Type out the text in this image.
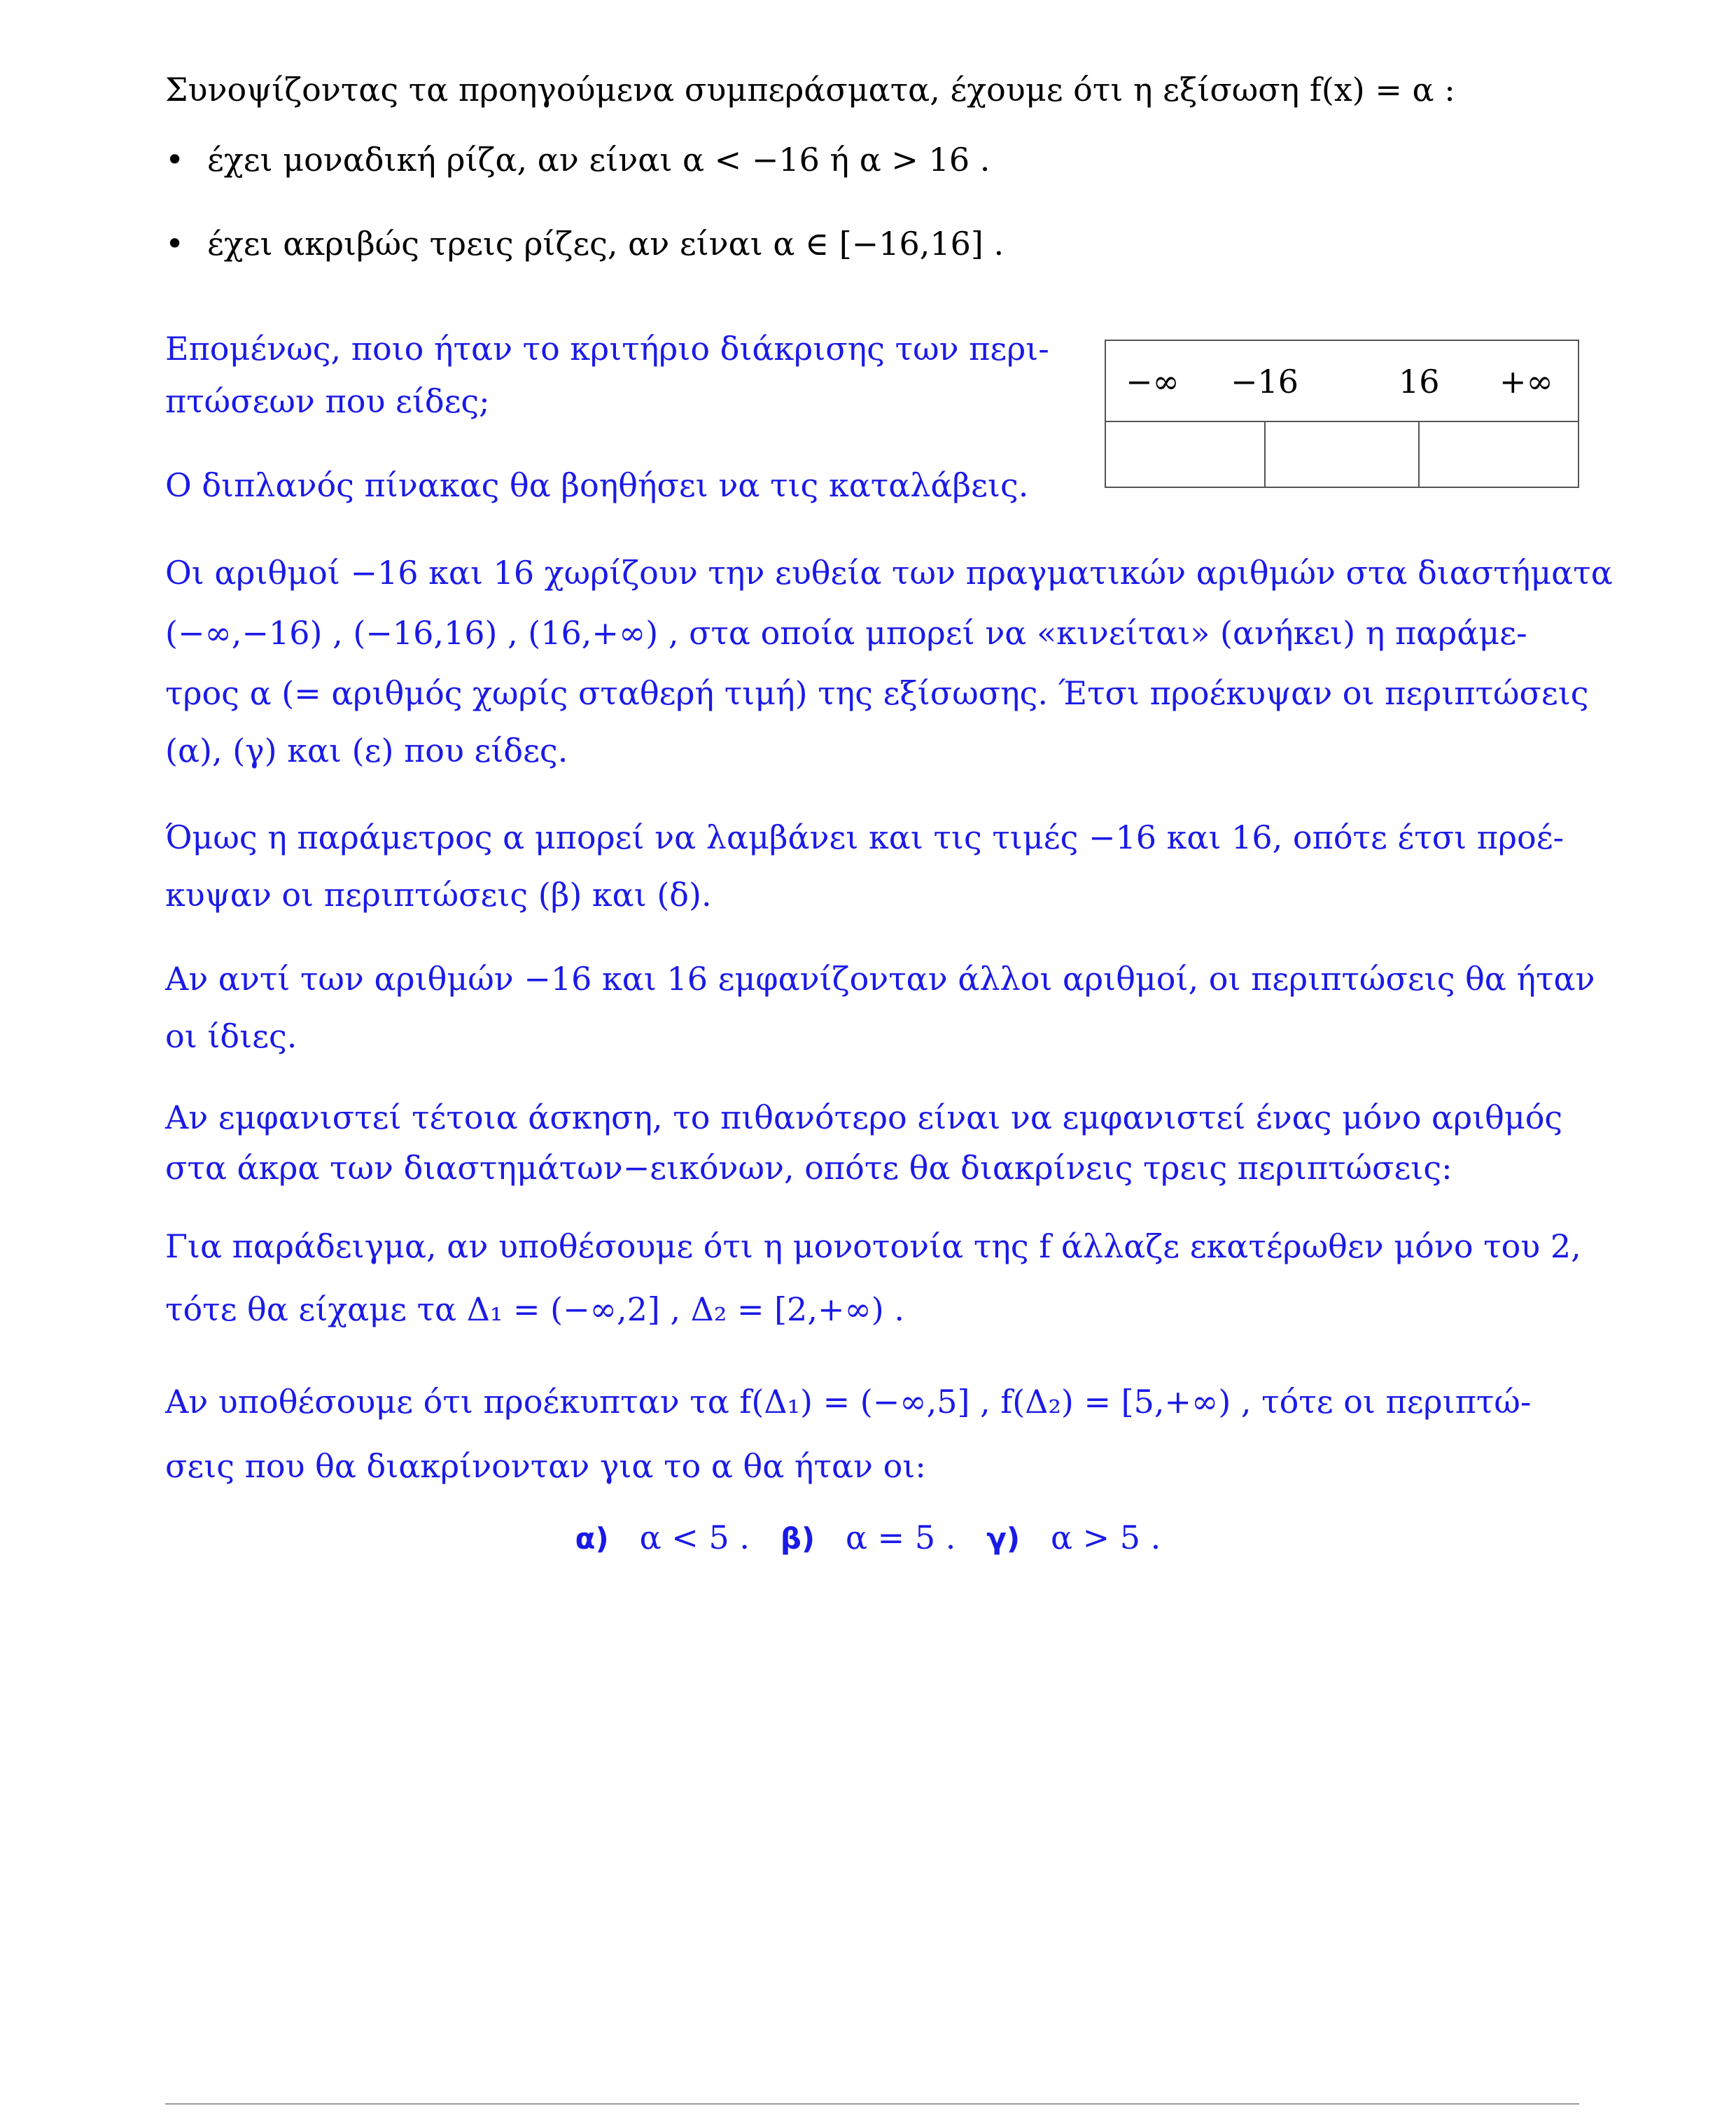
Συνοψίζοντας τα προηγούμενα συμπεράσματα, έχουμε ότι η εξίσωση f(x) = α :
• έχει μοναδική ρίζα, αν είναι α < −16 ή α > 16 .
• έχει ακριβώς τρεις ρίζες, αν είναι α ∈ [−16,16] .
Επομένως, ποιο ήταν το κριτήριο διάκρισης των περι-
πτώσεων που είδες;
Ο διπλανός πίνακας θα βοηθήσει να τις καταλάβεις.
−∞ −16	16 +∞
Οι αριθμοί −16 και 16 χωρίζουν την ευθεία των πραγματικών αριθμών στα διαστήματα
(−∞,−16) , (−16,16) , (16,+∞) , στα οποία μπορεί να «κινείται» (ανήκει) η παράμε-
τρος α (= αριθμός χωρίς σταθερή τιμή) της εξίσωσης. Έτσι προέκυψαν οι περιπτώσεις
(α), (γ) και (ε) που είδες.
Όμως η παράμετρος α μπορεί να λαμβάνει και τις τιμές −16 και 16, οπότε έτσι προέ-
κυψαν οι περιπτώσεις (β) και (δ).
Αν αντί των αριθμών −16 και 16 εμφανίζονταν άλλοι αριθμοί, οι περιπτώσεις θα ήταν
οι ίδιες.
Αν εμφανιστεί τέτοια άσκηση, το πιθανότερο είναι να εμφανιστεί ένας μόνο αριθμός
στα άκρα των διαστημάτων−εικόνων, οπότε θα διακρίνεις τρεις περιπτώσεις:
Για παράδειγμα, αν υποθέσουμε ότι η μονοτονία της f άλλαζε εκατέρωθεν μόνο του 2,
τότε θα είχαμε τα Δ₁ = (−∞,2] , Δ₂ = [2,+∞) .
Αν υποθέσουμε ότι προέκυπταν τα f(Δ₁) = (−∞,5] , f(Δ₂) = [5,+∞) , τότε οι περιπτώ-
σεις που θα διακρίνονταν για το α θα ήταν οι:
α) α < 5 . β) α = 5 . γ) α > 5 .
